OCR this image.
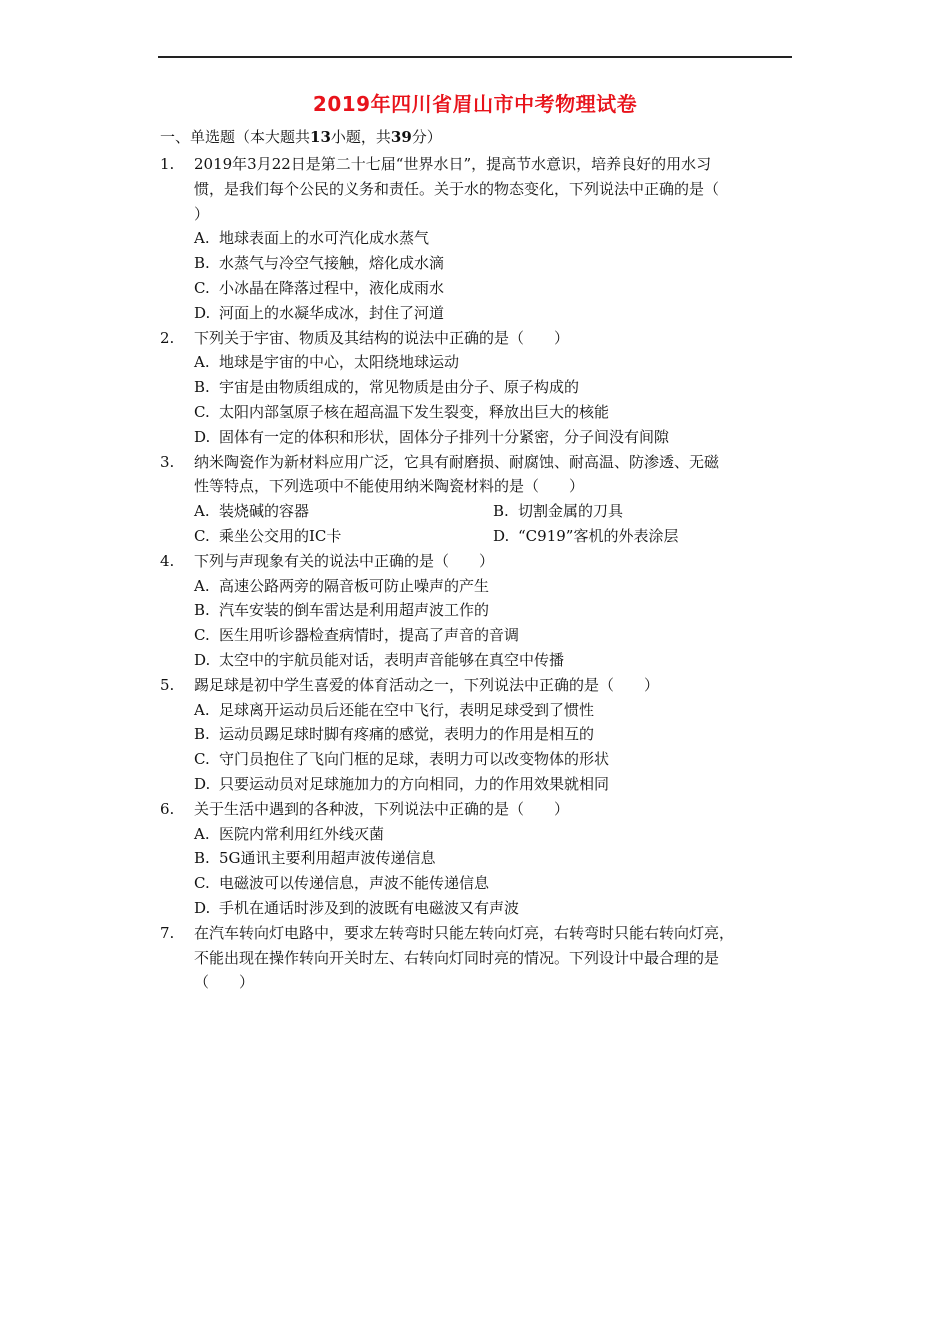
2019年四川省眉山市中考物理试卷
一、单选题（本大题共13小题，共39分）
1. 2019年3月22日是第二十七届“世界水日”，提高节水意识，培养良好的用水习
惯，是我们每个公民的义务和责任。关于水的物态变化，下列说法中正确的是（
）
A. 地球表面上的水可汽化成水蒸气
B. 水蒸气与冷空气接触，熔化成水滴
C. 小冰晶在降落过程中，液化成雨水
D. 河面上的水凝华成冰，封住了河道
2. 下列关于宇宙、物质及其结构的说法中正确的是（　　）
A. 地球是宇宙的中心，太阳绕地球运动
B. 宇宙是由物质组成的，常见物质是由分子、原子构成的
C. 太阳内部氢原子核在超高温下发生裂变，释放出巨大的核能
D. 固体有一定的体积和形状，固体分子排列十分紧密，分子间没有间隙
3. 纳米陶瓷作为新材料应用广泛，它具有耐磨损、耐腐蚀、耐高温、防渗透、无磁
性等特点，下列选项中不能使用纳米陶瓷材料的是（　　）
A. 装烧碱的容器	B. 切割金属的刀具
C. 乘坐公交用的IC卡	D. “C919”客机的外表涂层
4. 下列与声现象有关的说法中正确的是（　　）
A. 高速公路两旁的隔音板可防止噪声的产生
B. 汽车安装的倒车雷达是利用超声波工作的
C. 医生用听诊器检查病情时，提高了声音的音调
D. 太空中的宇航员能对话，表明声音能够在真空中传播
5. 踢足球是初中学生喜爱的体育活动之一，下列说法中正确的是（　　）
A. 足球离开运动员后还能在空中飞行，表明足球受到了惯性
B. 运动员踢足球时脚有疼痛的感觉，表明力的作用是相互的
C. 守门员抱住了飞向门框的足球，表明力可以改变物体的形状
D. 只要运动员对足球施加力的方向相同，力的作用效果就相同
6. 关于生活中遇到的各种波，下列说法中正确的是（　　）
A. 医院内常利用红外线灭菌
B. 5G通讯主要利用超声波传递信息
C. 电磁波可以传递信息，声波不能传递信息
D. 手机在通话时涉及到的波既有电磁波又有声波
7. 在汽车转向灯电路中，要求左转弯时只能左转向灯亮，右转弯时只能右转向灯亮，
不能出现在操作转向开关时左、右转向灯同时亮的情况。下列设计中最合理的是
（　　）
